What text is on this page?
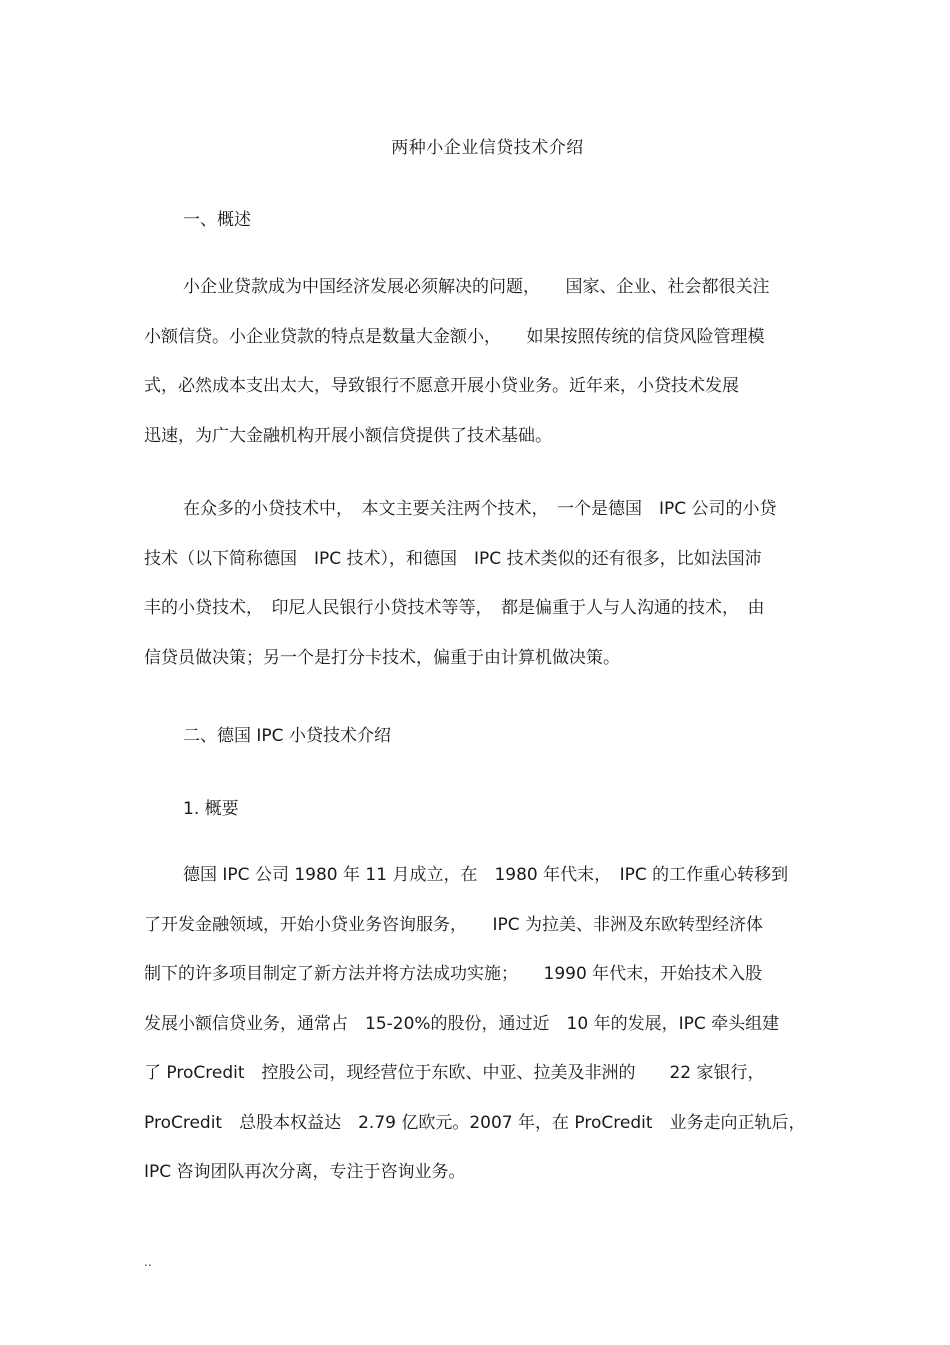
两种小企业信贷技术介绍
一、概述
小企业贷款成为中国经济发展必须解决的问题，　　国家、企业、社会都很关注
小额信贷。小企业贷款的特点是数量大金额小，　　如果按照传统的信贷风险管理模
式，必然成本支出太大，导致银行不愿意开展小贷业务。近年来，小贷技术发展
迅速，为广大金融机构开展小额信贷提供了技术基础。
在众多的小贷技术中，　本文主要关注两个技术，　一个是德国　IPC 公司的小贷
技术（以下简称德国　IPC 技术），和德国　IPC 技术类似的还有很多，比如法国沛
丰的小贷技术，　印尼人民银行小贷技术等等，　都是偏重于人与人沟通的技术，　由
信贷员做决策；另一个是打分卡技术，偏重于由计算机做决策。
二、德国 IPC 小贷技术介绍
1. 概要
德国 IPC 公司 1980 年 11 月成立，在　1980 年代末，　IPC 的工作重心转移到
了开发金融领域，开始小贷业务咨询服务，　　IPC 为拉美、非洲及东欧转型经济体
制下的许多项目制定了新方法并将方法成功实施；　　1990 年代末，开始技术入股
发展小额信贷业务，通常占　15-20%的股份，通过近　10 年的发展，IPC 牵头组建
了 ProCredit　控股公司，现经营位于东欧、中亚、拉美及非洲的　　22 家银行，
ProCredit　总股本权益达　2.79 亿欧元。2007 年，在 ProCredit　业务走向正轨后，
IPC 咨询团队再次分离，专注于咨询业务。
..
